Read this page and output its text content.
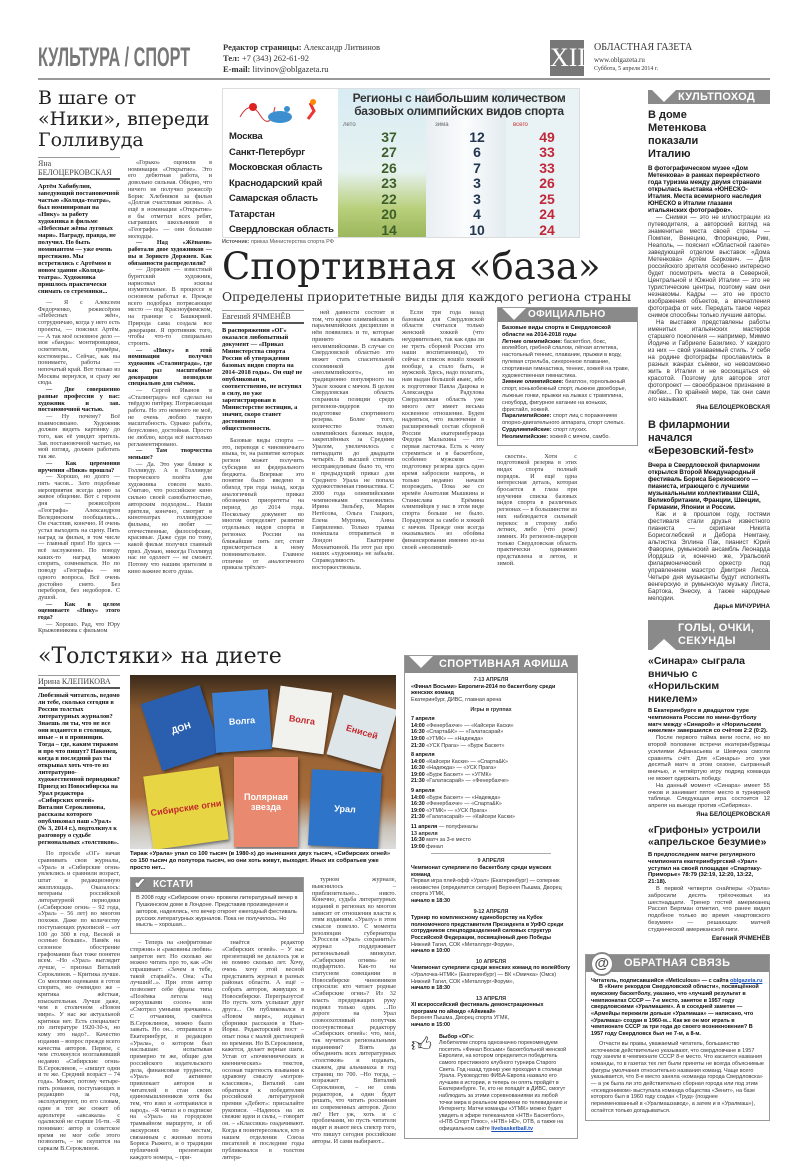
КУЛЬТУРА / СПОРТ	Редактор страницы: Александр Литвинов
Тел: +7 (343) 262-61-92
E-mail: litvinov@oblgazeta.ru	XII ОБЛАСТНАЯ ГАЗЕТА
www.oblgazeta.ru
Суббота, 5 апреля 2014 г.
В шаге от «Ники», впереди Голливуда
Яна БЕЛОЦЕРКОВСКАЯ
Артём Хабибулин, заведующий постановочной частью «Коляда-театра», был номинирован на «Нику» за работу художника в фильме «Небесные жёны луговых мари». Награду, правда, не получил. Но быть номинантом — уже очень престижно. Мы встретились с Артёмом в новом здании «Коляда-театра». Художника пришлось практически снимать со стремянки...

— Я с Алексеем Федорченко, режиссёром «Небесных жён», сотрудничаю, когда у него есть проекты, — пояснил Артём. — А так моё основное дело — моя «банда»: монтировщики, осветители, гримёры, костюмеры... Сейчас, как вы понимаете, работы — непочатый край. Вот только из Москвы вернулся, и сразу же сюда.

— Две совершенно разные профессии у вас: художник и зав. постановочной частью.

— Ну почему? Всё взаимосвязано. Художник должен видеть картинку до того, как её увидит зритель. Зав. постановочной частью, на мой взгляд, должен работать так же.

— Как церемония вручения «Ники» прошла?

— Хорошо, но долго — пять часов... Зато подобные мероприятия всегда ценю за живое общение. Вот с героем дня — режиссёром «Географа» Александром Велединским пообщались... Он счастлив, конечно. И очень устал выходить на сцену. Пять наград за фильм, в том числе — главный приз! Но здесь — всё заслуженно. По поводу каких-то наград можно спорить, сомневаться. Но по поводу «Географа» — ни одного вопроса. Всё очень достойно снято. Без переборов, без недоборов. С душой.

— Как в целом оцениваете «Нику» этого года?

— Хорошо. Рад, что Юру Крыжовникова с фильмом

«Горько» оценили в номинации «Открытие». Это его дебютная работа, и довольно сильная. Обидно, что ничего не получил режиссёр Борис Хлебников за фильм «Долгая счастливая жизнь». А ещё в номинации «Открытие» я бы отметил всех ребят, сыгравших школьников в «Географе» — они большие молодцы.

— Над «Жёнами» работали двое художников — вы и Зорикто Доржиев. Как обязанности распределяли?

— Доржиев — известный бурятский художник, нарисовал эскизы изумительные. В процессе в основном работал я. Прежде всего подобрал потрясающее место — под Красноуфимском, на границе с Башкирией. Природа сама создала все декорации. Я противник того, чтобы что-то специально строить.

— «Нику» в этой номинации получил художник «Сталинграда», где как раз масштабные декорации возводили специально для съёмок.

— Сергей Иванов в «Сталинграде» всё сделал на твёрдую пятёрку. Потрясающая работа. Но это немного не моё, не очень люблю такую масштабность. Однако работа, безусловно, достойная. Просто не люблю, когда всё настолько регламентировано.

— Там творчества меньше?

— Да. Это уже ближе к Голливуду. А в Голливуде творческого полёта для художника совсем мало. Считаю, что российское кино сильно своей самобытностью, авторским подходом... Наши зрители, конечно, смотрят в кинотеатрах голливудские фильмы, но любят — отечественные, философские, красивые. Даже судя по тому, какой фильм получил главный приз. Думаю, никогда Голливуд нас не одолеет — не сможет. Потому что нашим зрителям в кино важнее всего душа.

Регионы с наибольшим количеством базовых олимпийских видов спорта
лето	зима	всего
Москва	37	12	49
Санкт-Петербург	27	6	33
Московская область	26	7	33
Краснодарский край	23	3	26
Самарская область	22	3	25
Татарстан	20	4	24
Свердловская область	14	10	24
Источник: приказ Министерства спорта РФ
Спортивная «база»
Определены приоритетные виды для каждого региона страны
Евгений ЯЧМЕНЁВ
В распоряжении «ОГ» оказался любопытный документ — «Приказ Министерства спорта России об утверждении базовых видов спорта на 2014–2018 годы». Он ещё не опубликован и, соответственно, не вступил в силу, но уже зарегистрирован в Министерстве юстиции, а значит, скоро станет достоянием общественности.

Базовые виды спорта — это, переводя с чиновничьего языка, те, на развитие которых регион может получить субсидии из федерального бюджета. Впервые это понятие было введено в обиход три года назад, когда аналогичный приказ обозначил приоритеты на период до 2014 года. Поскольку документ во многом определяет развитие отдельных видов спорта в регионах России на ближайшие пять лет, стоит присмотреться к нему повнимательнее. Главное отличие от аналогичного приказа трёхлет-

ней давности состоит в том, что кроме олимпийских и паралимпийских дисциплин в нём появились и те, которые принято называть неолимпийскими. В случае со Свердловской областью это может стать спасительной соломинкой для «неолимпийского», но традиционно популярного на Урале хоккея с мячом. В целом Свердловская область сохранила позиции среди регионов-лидеров по подготовке спортивного резерва. Более того, количество только олимпийских базовых видов, закреплённых за Средним Уралом, увеличилось с пятнадцати до двадцати четырёх. В высшей степени несправедливым было то, что в предыдущий приказ для Среднего Урала не попала художественная гимнастика. С 2000 года олимпийскими чемпионками становились Ирина Зильбер, Мария Нетёсова, Ольга Глацких, Елена Мурзина, Анна Гавриленко. Только травма помешала отправиться в Лондон Екатерине Мохнаткиной. На этот раз про наших «художниц» не забыли. Справедливость восторжествовала.

Если три года назад базовым для Свердловской области считался только женский хоккей (что неудивительно, так как едва ли не треть сборной России это наши воспитанницы), то сейчас в список вошёл хоккей вообще, а стало быть, и мужской. Здесь, надо полагать, нам выдан большой аванс, ибо к подготовке Павла Дацюка и Александра Радулова Свердловская область уже много лет имеет весьма косвенное отношение. Будем надеяться, что включение в расширенный состав сборной России екатеринбуржца Федора Малыхина — это первая ласточка. Есть к чему стремиться и в баскетболе, особенно мужском — подготовку резерва здесь одно время забросили напрочь, и только недавно начали возрождать. Пока же со времён Анатолия Мышкина и Станислава Ерёмина олимпийцев у нас в этом виде спорта больше не было. Порадуемся за самбо и хоккей с мячом. Прежде они всегда оказывались из обоймы финансирования именно из-за своей «неолимпий-

ОФИЦИАЛЬНО
Базовые виды спорта в Свердловской области на 2014-2018 годы
Летние олимпийские: баскетбол, бокс, волейбол, гребной слалом, лёгкая атлетика, настольный теннис, плавание, прыжки в воду, пулевая стрельба, синхронное плавание, спортивная гимнастика, теннис, хоккей на траве, художественная гимнастика.
Зимние олимпийские: биатлон, горнолыжный спорт, конькобежный спорт, лыжное двоеборье, лыжные гонки, прыжки на лыжах с трамплина, сноуборд, фигурное катание на коньках, фристайл, хоккей.
Паралимпийские: спорт лиц с поражением опорно-двигательного аппарата, спорт слепых.
Сурдлимпийские: спорт глухих.
Неолимпийские: хоккей с мячом, самбо.

скости». Хотя с подготовкой резерва в этих видах спорта полный порядок. И ещё одна интересная деталь, которая бросается в глаза при изучении списка базовых видов спорта в различных регионах — в большинстве из них наблюдается сильный перекос в сторону либо летних, либо (что реже) зимних. Из регионов-лидеров только Свердловская область практически одинаково представлена и летом, и зимой.

«Толстяки» на диете
Ирина КЛЕПИКОВА
Любезный читатель, ведомо ли тебе, сколько сегодня в России толстых литературных журналов? Знаешь ли ты, что не все они издаются в столицах, иные – и в провинции. Тогда – где, каким тиражом и про что пишут? Наконец, когда в последний раз ты открывал хоть что-то из литературно-художественной периодики? Приезд из Новосибирска на Урал редактора «Сибирских огней» Виталия Сероклинова, рассказы которого опубликовал наш «Урал» (№ 3, 2014 г.), подтолкнул к разговору о судьбе региональных «толстяков».

По просьбе «ОГ» начав сравнивать свои журналы, «Урал» и «Сибирские огни» увлеклись и сравнили возраст, штат и редакционную жилплощадь. Оказалось: ветераны российской литературной периодики («Сибирские огни» – 92 года, «Урал» – 56 лет) во многом похожи. Даже по количеству поступающих рукописей – «от 100 до 300 в год. Весной и осенью больше». Намёк на сезонное обострение графомании был тоже понятен всем. –Но «Урал» выглядит лучше, – признал Виталий Сероклинов. – Критика лучше. Со многими оценками я готов спорить, но очевидно же – критика жёсткая, взыскательная. Лучше даже, чем в столичном «Новом мире». У нас же актуальной критики нет. Есть специалист по литературе 1920-30-х, но кому это надо?.. Качество издания – вопрос прежде всего качества авторов. Первое, с чем столкнулся возглавивший недавно «Сибирские огни» В.Сероклинов, – «пишут одни и те же. Средний возраст – 74 года». Может, потому четыре-пять романов, поступающих в редакцию за год, эксплуатируют, по его словам, один и тот же сюжет об адюльтере «аксакала» с одалиской не старше 16-ти. –Я понимаю: автор в советское время не мог себе этого позволить, – не скупится на сарказм В.Сероклинов.

ДОН	Волга	Волга
Енисей
Сибирские огни
Полярная звезда	Урал
Тираж «Урала» упал со 100 тысяч (в 1980-х) до нынешних двух тысяч, «Сибирских огней» со 150 тысяч до полутора тысяч, но они хоть живут, выходят. Иных их собратьев уже просто нет...
✔ КСТАТИ
В 2008 году «Сибирские огни» провели литературный вечер в Пушкинском доме в Лондоне. Представив произведения и авторов, надеялись, что вечер откроет ежегодный фестиваль русских литературных журналов. Пока не получилось. Но мысль – хорошая...

– Теперь на «нефритовые стержни» и «раковины любви» запретов нет. Но сколько же можно читать про то, как «Он спрашивает: «Зачем я тебе, такой старый?». Она: «Ты лучший!..». При этом автор позволяет себе фразы типа «Позёмка летела над верхушками сосен» или «Смотрел умными зрачками». С отчаяния, смеётся В.Сероклинов, можно было завыть. Но он... отправился в Екатеринбург, в редакцию «Урала», о котором был наслышан: испытывая примерно те же, общие для российского издательского дела, финансовые трудности, «Урал» всё активнее привлекает авторов и читателей в стан своих единомышленников хотя бы тем, что взял и «отправился в народ». –Я читал и о подписке на «Урал» на городском трамвайном маршруте, и об экскурсиях по местам, связанным с жизнью поэта Бориса Рыжего, и о традиции публичной презентации каждого номера, – при-

знаётся редактор «Сибирских огней». – У нас презентаций не делалось уж и не помню сколько лет. Хочу, очень хочу этой весной представить журнал в разных районах области. А ещё – собрать авторов, живущих в Новосибирске. Перегрызутся! Но пусть хоть услышат друг друга... Он публиковался в «Новом мире», издавал сборники рассказов в Нью-Йорке. Редакторский пост – опыт пока с малой дистанцией во времени. Но В.Сероклинов, кажется, делает верные шаги. Устав от «почвеннических и квеннических» текстов, осознав тщетность взывания к здравому смыслу «мэтров-классиков», Виталий сам обратился к победителям российской литературной премии «Дебют»: присылайте рукописи. –Надеюсь на их свежие идеи и силы, – говорит он. – «Классики» озадачивают. Когда я поинтересовался, кто в нашем отделении Союза писателей в последние годы публиковался в толстом литера-

турном журнале, выяснилось – приблизительно... никто. Конечно, судьба литературных изданий в регионах во многом зависит от отношения власти к этим изданиям. «Уралу» в этом смысле повезло. С момента резолюции губернатора Э.Росселя «Урал» сохранить!» журнал поддерживает региональный минкульт. «Сибирским огням» не подфартило. Как-то на статусном совещании в Новосибирске чиновников спросили: кто читает родные «Сибирские огни»? Из 32 власть предержащих руку поднял только один. ...По дороге на Урал словоохотливый попутчик посочувствовал редактору «Сибирских огней»: что, мол, так мучиться региональными изданиями? Взять да объединить всех литературных «толстяков» и издавать, скажем, два альманаха в год страниц по 700. –Но тогда, – возражает Виталий Сероклинов, – не семь редакторов, а один будет решать, что читать россиянам из современных авторов. Дело ли? Нет уж, хоть и с проблемами, но пусть читатели видят и знают весь спектр того, что пишут сегодня российские авторы. И сами выбирают...

СПОРТИВНАЯ АФИША
7-13 АПРЕЛЯ
«Финал Восьми» Евролиги-2014 по баскетболу среди женских команд
Екатеринбург, ДИВС, главная арена
Игры в группах
7 апреля
14:00 «Фенербахче» — «Кайсери Каски»
16:30 «Спарта&К» — «Галатасарай»
19:00 «УГМК» — «Надежда»
21:30 «УСК Прага» — «Бурж Баскет»
8 апреля
14:00 «Кайсери Каски» — «Спарта&К»
16:30 «Надежда» — «УСК Прага»
19:00 «Бурж Баскет» — «УГМК»
21:30 «Галатасарай» — «Фенербахче»
9 апреля
14:00 «Бурж Баскет» — «Надежда»
16:30 «Фенербахче» — «Спарта&К»
19:00 «УГМК» — «УСК Прага»
21:30 «Галатасарай» — «Кайсери Каски»
11 апреля — полуфиналы
13 апреля
16:30 матч за 3-е место
19:00 финал
9 АПРЕЛЯ
Чемпионат суперлиги по баскетболу среди мужских команд
Первая игра плей-офф «Урал» (Екатеринбург) — соперник неизвестен (определится сегодня) Верхняя Пышма, Дворец спорта УГМК,
начало в 18:30
9-12 АПРЕЛЯ
Турнир по комплексному единоборству на Кубок полномочного представителя Президента в УрФО среди сотрудников спецподразделений силовых структур Российской Федерации, посвящённый дню Победы
Нижний Тагил, СОК «Металлург-Форум»,
начало в 10:00
10 АПРЕЛЯ
Чемпионат суперлиги среди женских команд по волейболу
«Уралочка-НТМК» (Екатеринбург) — ВК «Омичка» (Омск) Нижний Тагил, СОК «Металлург-Форум»,
начало в 18:30
13 АПРЕЛЯ
XI всероссийский фестиваль демонстрационных программ по айкидо «Айкикай»
Верхняя Пышма, Дворец спорта УГМК,
начало в 15:00
👍︎ Выбор «ОГ»:
Любителям спорта однозначно порекомендуем посетить «Финал Восьми» баскетбольной женской Евролиги, на котором определится победитель самого престижного клубного турнира Старого Света. Год назад турнир уже проходил в столице Урала. Руководство ФИБА-Европа назвало его лучшим в истории, и теперь он опять пройдёт в Екатеринбурге. Те, кто не попадёт в ДИВС, смогут наблюдать за этими соревнованиями из любой точки мира в реальном времени по телевидению и Интернету. Матчи команды «УГМК» можно будет увидеть в эфире телеканалов «НТВ» Баскетбол», «НТВ Спорт Плюс», «НТВ» HD», ОТВ, а также на официальном сайте livebasketball.tv
КУЛЬТПОХОД
В доме Метенкова показали Италию
В фотографическом музее «Дом Метенкова» в рамках перекрёстного года туризма между двумя странами открылась выставка «ЮНЕСКО-Италия. Места всемирного наследия ЮНЕСКО в Италии глазами итальянских фотографов».
— Снимки — это не иллюстрации из путеводителя, а авторский взгляд на знаменитые места своей страны — Помпеи, Венецию, Флоренцию, Рим, Неаполь, — пояснил «Областной газете» заведующий отделом выставок «Дома Метенкова» Артём Беркович. — Для российского зрителя особенно интересно будет посмотреть места в Северной, Центральной и Южной Италии — это не туристические центры, поэтому нам они незнакомы. Кадры — это не просто изображения объектов, а впечатления фотографа от них. Передать такое через снимок способны только лучшие авторы.
На выставке представлены работы именитых итальянских мастеров старшего поколения — например, Миммо Йодиче и Габриеле Базилико. У каждого из них — свой узнаваемый стиль. У себя на родине фотографы прославились в разных жанрах съёмки, но невозможно жить в Италии и не восхищаться её красотой. Поэтому для авторов этот фотопроект — своеобразное признание в любви... По крайней мере, так они сами его называют.
Яна БЕЛОЦЕРКОВСКАЯ
В филармонии начался «Березовский-fest»
Вчера в Свердловской филармонии открылся Второй Международный фестиваль Бориса Березовского — пианиста, играющего с лучшими музыкальными коллективами США, Великобритании, Франции, Швеции, Германии, Японии и России.
Как и в прошлом году, гостями фестиваля стали друзья известного пианиста — скрипачи Никита Борисоглебский и Дебора Немтану, альтистка Эллина Пак, пианист Юрий Фаворин, румынский ансамбль Леонарда Йордэшэ и, конечно же, Уральский филармонический оркестр под управлением маэстро Дмитрия Лисса. Четыре дня музыканты будут исполнять венгерскую и румынскую музыку Листа, Бартока, Энеску, а также народные мелодии.
Дарья МИЧУРИНА
ГОЛЫ, ОЧКИ, СЕКУНДЫ
«Синара» сыграла вничью с «Норильским никелем»
В Екатеринбурге в двадцатом туре чемпионата России по мини-футболу матч между «Синарой» и «Норильским никелем» завершился со счётом 2:2 (0:2).
После первого тайма вели гости, но во второй половине встречи екатеринбуржцы усилиями Афанасьева и Шевчука смогли сравнять счёт. Для «Синары» это уже десятый матч в этом сезоне, сыгранный вничью, и четвёртую игру подряд команда не может одержать победу.
На данный момент «Синара» имеет 55 очков и занимает пятое место в турнирной таблице. Следующая игра состоится 12 апреля на выезде против «Сибиряка».
Яна БЕЛОЦЕРКОВСКАЯ
«Грифоны» устроили «апрельское безумие»
В предпоследнем матче регулярного чемпионата екатеринбургский «Урал» уступил на своей площадке «Спартаку-Приморье» 78:79 (32:19, 12:20, 13:22, 21:18).
В первой четверти снайперы «Урала» забросили десять трёхочковых из шестнадцати. Тренер гостей американец Рассел Бергман отметил, что ранее видел подобное только во время «мартовского безумия» — решающих матчей студенческой американской лиги.
Евгений ЯЧМЕНЁВ
@	ОБРАТНАЯ СВЯЗЬ
Читатель, подписавшийся «Meticulous» — с сайта oblgazeta.ru
В «Книге рекордов Свердловской области», посвящённой мужскому баскетболу, указано, что «лучший результат в чемпионатах СССР — 7-е место, занятое в 1957 году свердловскими «Уралмашем». А в соседней заметке — «Армейцы пережили дольше «Уралмаша» — написано, что «Уралмаш» создан в 1960-м... Как же он мог играть в чемпионате СССР за три года до своего возникновения? В 1957 году Свердловск был не 7-м, а 8-м.
Отчасти вы правы, уважаемый читатель, большинство источников действительно указывают, что свердловчане в 1957 году заняли в чемпионате СССР 8-е место. Что касается названия команды, то в газетах тех лет были приняты не всегда объяснимые фигуры умолчания относительно названия команд. Чаще всего указывается, что 8-е место заняла «команда города Свердловска» — а уж была ли это действительно сборная города или под этим «псевдонимом» выступала команда общества «Зенит», на базе которого был в 1960 году создан «Труд» (позднее переименованный в «Уралмашзавод», а затем и в «Уралмаш»), остаётся только догадываться.
